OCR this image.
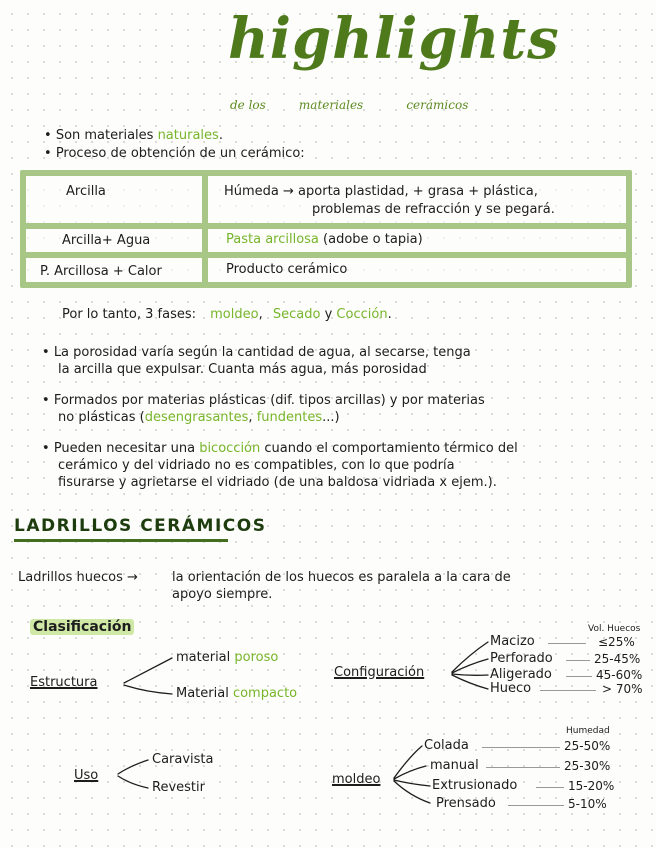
highlights
de los	materiales	cerámicos
• Son materiales naturales.
• Proceso de obtención de un cerámico:
Arcilla	Húmeda → aporta plastidad, + grasa + plástica,
problemas de refracción y se pegará.
Arcilla+ Agua	Pasta arcillosa (adobe o tapia)
P. Arcillosa + Calor	Producto cerámico
Por lo tanto, 3 fases: moldeo, Secado y Cocción.
• La porosidad varía según la cantidad de agua, al secarse, tenga
la arcilla que expulsar. Cuanta más agua, más porosidad
• Formados por materias plásticas (dif. tipos arcillas) y por materias
no plásticas (desengrasantes, fundentes...)
• Pueden necesitar una bicocción cuando el comportamiento térmico del
cerámico y del vidriado no es compatibles, con lo que podría
fisurarse y agrietarse el vidriado (de una baldosa vidriada x ejem.).
LADRILLOS CERÁMICOS
Ladrillos huecos →	la orientación de los huecos es paralela a la cara de
apoyo siempre.
Clasificación
Estructura
material poroso
Material compacto
Configuración
Vol. Huecos
Macizo	≤25%
Perforado	25-45%
Aligerado	45-60%
Hueco	> 70%
Uso
Caravista
Revestir
moldeo
Humedad
Colada	25-50%
manual	25-30%
Extrusionado	15-20%
Prensado	5-10%
